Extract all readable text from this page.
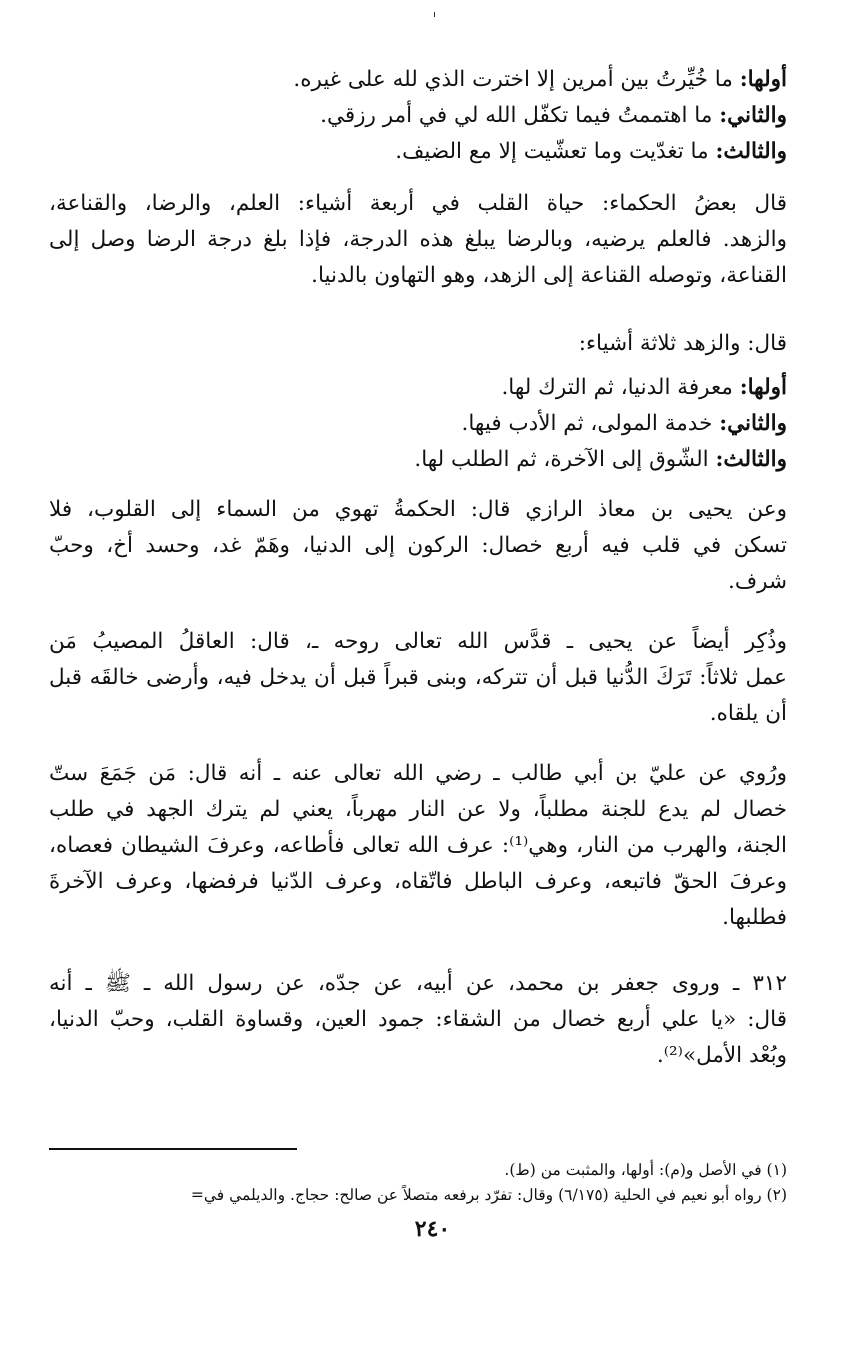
أولها: ما خُيِّرتُ بين أمرين إلا اخترت الذي لله على غيره.
والثاني: ما اهتممتُ فيما تكفّل الله لي في أمر رزقي.
والثالث: ما تغدّيت وما تعشّيت إلا مع الضيف.
قال بعضُ الحكماء: حياة القلب في أربعة أشياء: العلم، والرضا، والقناعة،
والزهد. فالعلم يرضيه، وبالرضا يبلغ هذه الدرجة، فإذا بلغ درجة الرضا وصل إلى
القناعة، وتوصله القناعة إلى الزهد، وهو التهاون بالدنيا.
قال: والزهد ثلاثة أشياء:
أولها: معرفة الدنيا، ثم الترك لها.
والثاني: خدمة المولى، ثم الأدب فيها.
والثالث: الشّوق إلى الآخرة، ثم الطلب لها.
وعن يحيى بن معاذ الرازي قال: الحكمةُ تهوي من السماء إلى القلوب، فلا
تسكن في قلب فيه أربع خصال: الركون إلى الدنيا، وهَمّ غد، وحسد أخ، وحبّ
شرف.
وذُكِر أيضاً عن يحيى ـ قدَّس الله تعالى روحه ـ، قال: العاقلُ المصيبُ مَن
عمل ثلاثاً: تَرَكَ الدُّنيا قبل أن تتركه، وبنى قبراً قبل أن يدخل فيه، وأرضى خالقَه قبل
أن يلقاه.
ورُوي عن عليّ بن أبي طالب ـ رضي الله تعالى عنه ـ أنه قال: مَن جَمَعَ ستّ
خصال لم يدع للجنة مطلباً، ولا عن النار مهرباً، يعني لم يترك الجهد في طلب
الجنة، والهرب من النار، وهي⁽¹⁾: عرف الله تعالى فأطاعه، وعرفَ الشيطان فعصاه،
وعرفَ الحقّ فاتبعه، وعرف الباطل فاتّقاه، وعرف الدّنيا فرفضها، وعرف الآخرةَ
فطلبها.
٣١٢ ـ وروى جعفر بن محمد، عن أبيه، عن جدّه، عن رسول الله ـ ﷺ ـ أنه
قال: «يا علي أربع خصال من الشقاء: جمود العين، وقساوة القلب، وحبّ الدنيا،
وبُعْد الأمل»⁽²⁾.
(١) في الأصل و(م): أولها، والمثبت من (ط).
(٢) رواه أبو نعيم في الحلية (٦/١٧٥) وقال: تفرّد برفعه متصلاً عن صالح: حجاج. والديلمي في=
٢٤٠
